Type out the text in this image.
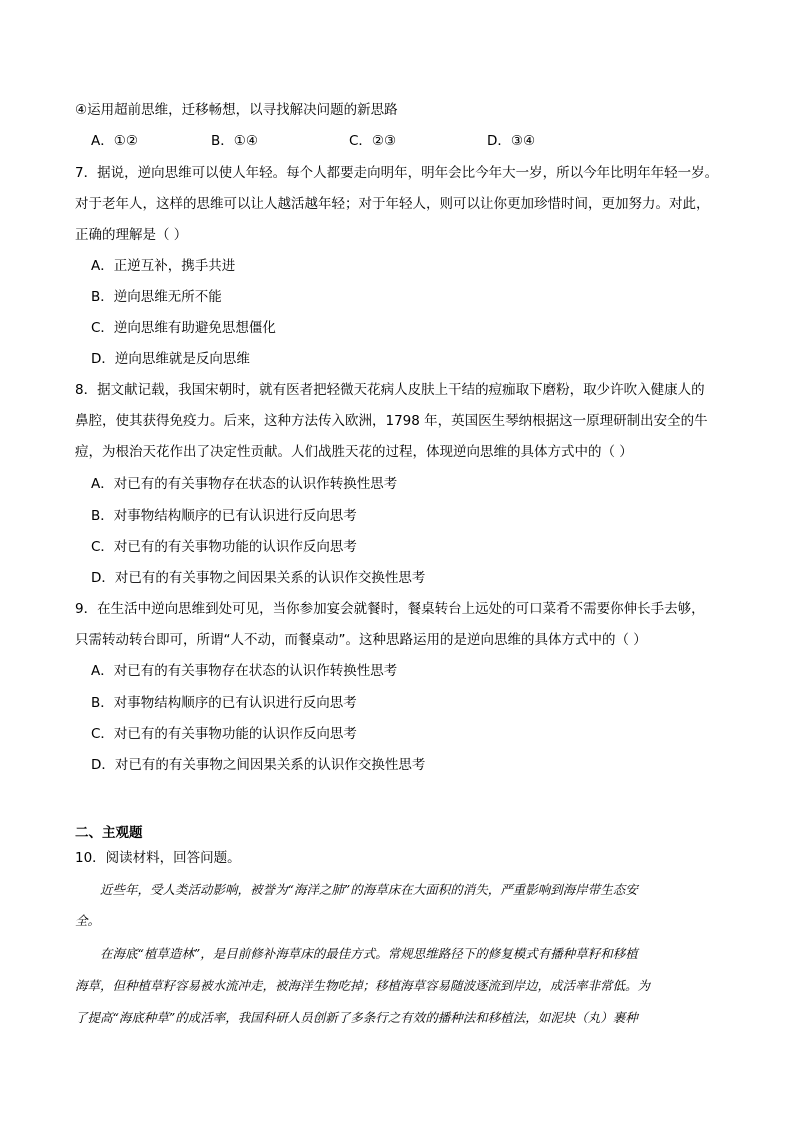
④运用超前思维，迁移畅想，以寻找解决问题的新思路
A．①②	B．①④	C．②③	D．③④
7．据说，逆向思维可以使人年轻。每个人都要走向明年，明年会比今年大一岁，所以今年比明年年轻一岁。
对于老年人，这样的思维可以让人越活越年轻；对于年轻人，则可以让你更加珍惜时间，更加努力。对此，
正确的理解是（ ）
A．正逆互补，携手共进
B．逆向思维无所不能
C．逆向思维有助避免思想僵化
D．逆向思维就是反向思维
8．据文献记载，我国宋朝时，就有医者把轻微天花病人皮肤上干结的痘痂取下磨粉，取少许吹入健康人的
鼻腔，使其获得免疫力。后来，这种方法传入欧洲，1798 年，英国医生琴纳根据这一原理研制出安全的牛
痘，为根治天花作出了决定性贡献。人们战胜天花的过程，体现逆向思维的具体方式中的（ ）
A．对已有的有关事物存在状态的认识作转换性思考
B．对事物结构顺序的已有认识进行反向思考
C．对已有的有关事物功能的认识作反向思考
D．对已有的有关事物之间因果关系的认识作交换性思考
9．在生活中逆向思维到处可见，当你参加宴会就餐时，餐桌转台上远处的可口菜肴不需要你伸长手去够，
只需转动转台即可，所谓“人不动，而餐桌动”。这种思路运用的是逆向思维的具体方式中的（ ）
A．对已有的有关事物存在状态的认识作转换性思考
B．对事物结构顺序的已有认识进行反向思考
C．对已有的有关事物功能的认识作反向思考
D．对已有的有关事物之间因果关系的认识作交换性思考
二、主观题
10．阅读材料，回答问题。
　　近些年，受人类活动影响，被誉为“海洋之肺”的海草床在大面积的消失，严重影响到海岸带生态安
全。
　　在海底“植草造林”，是目前修补海草床的最佳方式。常规思维路径下的修复模式有播种草籽和移植
海草，但种植草籽容易被水流冲走，被海洋生物吃掉；移植海草容易随波逐流到岸边，成活率非常低。为
了提高“海底种草”的成活率，我国科研人员创新了多条行之有效的播种法和移植法，如泥块（丸）裹种
